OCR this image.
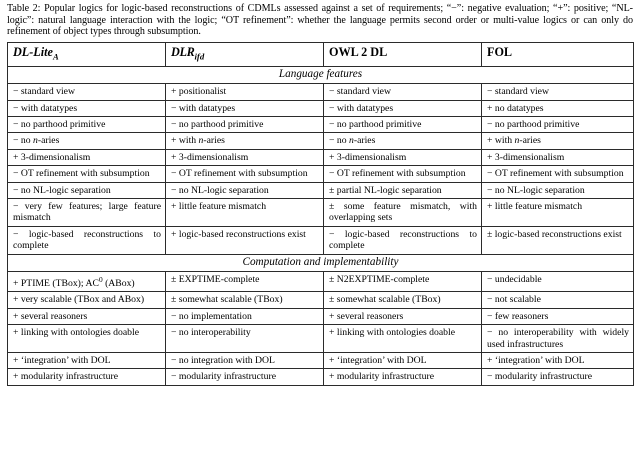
Table 2: Popular logics for logic-based reconstructions of CDMLs assessed against a set of requirements; “−”: negative evaluation; “+”: positive; “NL-logic”: natural language interaction with the logic; “OT refinement”: whether the language permits second order or multi-value logics or can only do refinement of object types through subsumption.

DL-Lite$_A$	$DLR_{ifd}$	OWL 2 DL	FOL
Language features			
− standard view	+ positionalist	− standard view	− standard view
− with datatypes	− with datatypes	− with datatypes	+ no datatypes
− no parthood primitive	− no parthood primitive	− no parthood primitive	− no parthood primitive
− no n-aries	+ with n-aries	− no n-aries	+ with n-aries
+ 3-dimensionalism	+ 3-dimensionalism	+ 3-dimensionalism	+ 3-dimensionalism
− OT refinement with subsumption	− OT refinement with subsumption	− OT refinement with subsumption	− OT refinement with subsumption
− no NL-logic separation	− no NL-logic separation	± partial NL-logic separation	− no NL-logic separation
− very few features; large feature mismatch	+ little feature mismatch	± some feature mismatch, with overlapping sets	+ little feature mismatch
− logic-based reconstructions to complete	+ logic-based reconstructions exist	− logic-based reconstructions to complete	± logic-based reconstructions exist
Computation and implementability			
+ PTIME (TBox); $AC^0$ (ABox)	± EXPTIME-complete	± N2EXPTIME-complete	− undecidable
+ very scalable (TBox and ABox)	± somewhat scalable (TBox)	± somewhat scalable (TBox)	− not scalable
+ several reasoners	− no implementation	+ several reasoners	− few reasoners
+ linking with ontologies doable	− no interoperability	+ linking with ontologies doable	− no interoperability with widely used infrastructures
+ ‘integration’ with DOL	− no integration with DOL	+ ‘integration’ with DOL	+ ‘integration’ with DOL
+ modularity infrastructure	− modularity infrastructure	+ modularity infrastructure	− modularity infrastructure
